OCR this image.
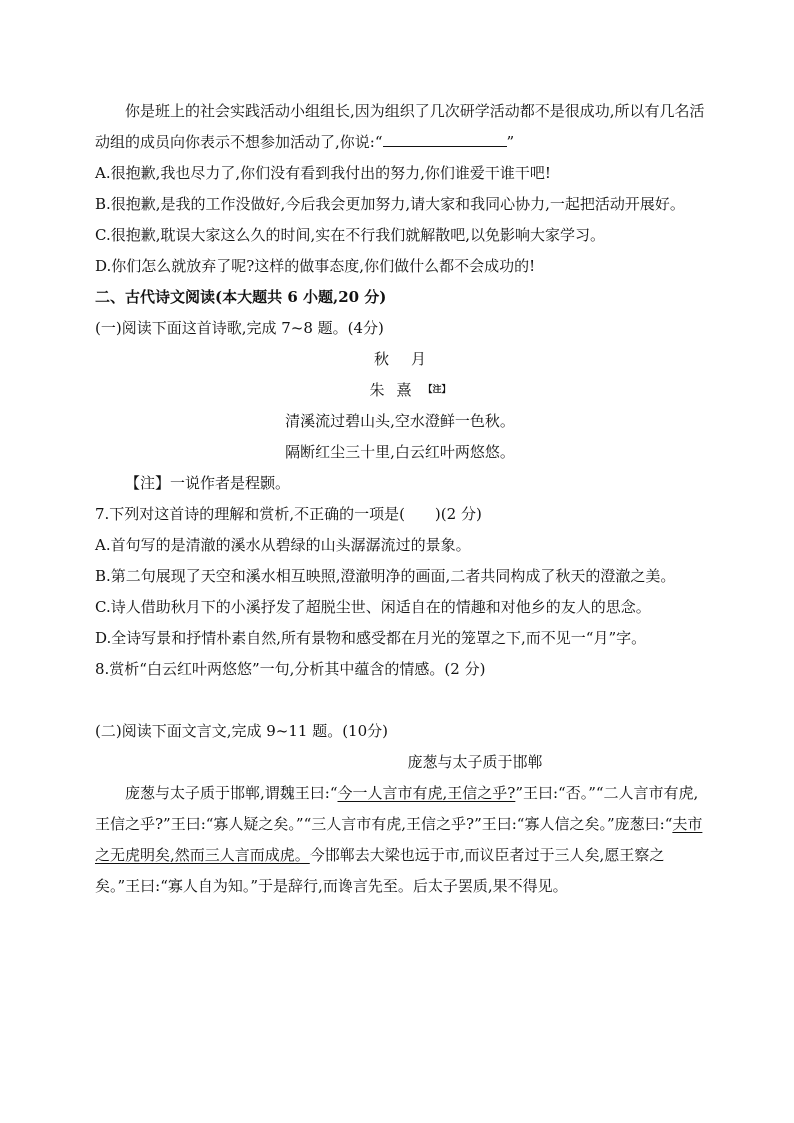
你是班上的社会实践活动小组组长,因为组织了几次研学活动都不是很成功,所以有几名活动组的成员向你表示不想参加活动了,你说:“	”

A.很抱歉,我也尽力了,你们没有看到我付出的努力,你们谁爱干谁干吧!

B.很抱歉,是我的工作没做好,今后我会更加努力,请大家和我同心协力,一起把活动开展好。

C.很抱歉,耽误大家这么久的时间,实在不行我们就解散吧,以免影响大家学习。

D.你们怎么就放弃了呢?这样的做事态度,你们做什么都不会成功的!

二、古代诗文阅读(本大题共 6 小题,20 分)

(一)阅读下面这首诗歌,完成 7~8 题。(4分)

秋月

朱熹$^{【注】}$

清溪流过碧山头,空水澄鲜一色秋。

隔断红尘三十里,白云红叶两悠悠。

【注】一说作者是程颢。

7.下列对这首诗的理解和赏析,不正确的一项是(　　)(2 分)

A.首句写的是清澈的溪水从碧绿的山头潺潺流过的景象。

B.第二句展现了天空和溪水相互映照,澄澈明净的画面,二者共同构成了秋天的澄澈之美。

C.诗人借助秋月下的小溪抒发了超脱尘世、闲适自在的情趣和对他乡的友人的思念。

D.全诗写景和抒情朴素自然,所有景物和感受都在月光的笼罩之下,而不见一“月”字。

8.赏析“白云红叶两悠悠”一句,分析其中蕴含的情感。(2 分)

(二)阅读下面文言文,完成 9~11 题。(10分)

庞葱与太子质于邯郸

庞葱与太子质于邯郸,谓魏王曰:“今一人言市有虎,王信之乎?”王曰:“否。”“二人言市有虎,王信之乎?”王曰:“寡人疑之矣。”“三人言市有虎,王信之乎?”王曰:“寡人信之矣。”庞葱曰:“夫市之无虎明矣,然而三人言而成虎。今邯郸去大梁也远于市,而议臣者过于三人矣,愿王察之矣。”王曰:“寡人自为知。”于是辞行,而谗言先至。后太子罢质,果不得见。
